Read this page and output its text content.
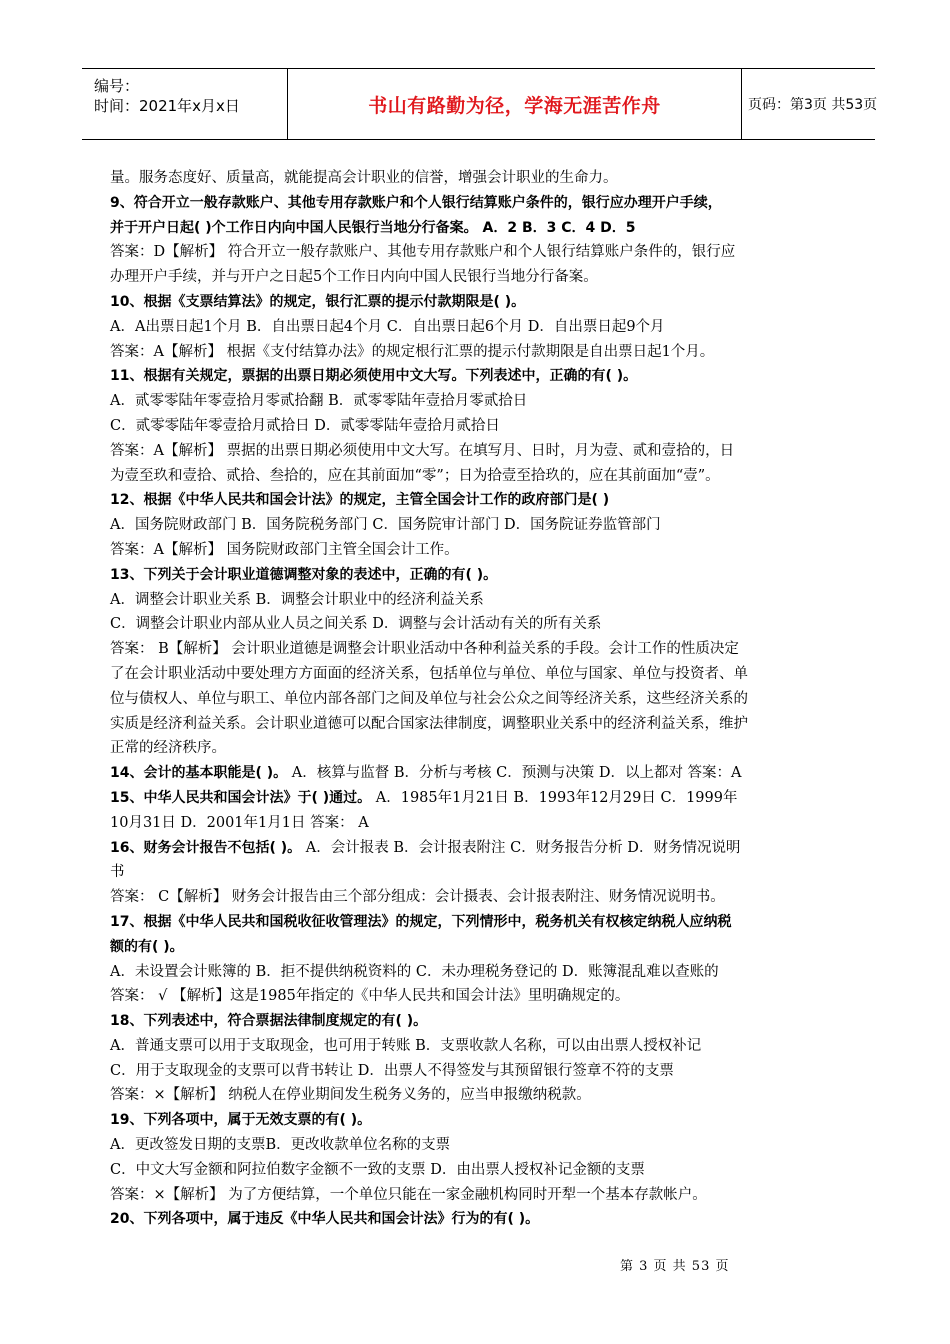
编号：
时间：2021年x月x日	书山有路勤为径，学海无涯苦作舟	页码：第3页 共53页
量。服务态度好、质量高，就能提高会计职业的信誉，增强会计职业的生命力。
9、符合开立一般存款账户、其他专用存款账户和个人银行结算账户条件的，银行应办理开户手续，
并于开户日起( )个工作日内向中国人民银行当地分行备案。 A．2 B．3 C．4 D．5
答案：D【解析】 符合开立一般存款账户、其他专用存款账户和个人银行结算账户条件的，银行应
办理开户手续，并与开户之日起5个工作日内向中国人民银行当地分行备案。
10、根据《支票结算法》的规定，银行汇票的提示付款期限是( )。
A．A出票日起1个月 B．自出票日起4个月 C．自出票日起6个月 D．自出票日起9个月
答案：A【解析】 根据《支付结算办法》的规定根行汇票的提示付款期限是自出票日起1个月。
11、根据有关规定，票据的出票日期必须使用中文大写。下列表述中，正确的有( )。
A．贰零零陆年零壹拾月零贰拾翻 B．贰零零陆年壹拾月零贰拾日
C．贰零零陆年零壹拾月贰拾日 D．贰零零陆年壹拾月贰拾日
答案：A【解析】 票据的出票日期必须使用中文大写。在填写月、日时，月为壹、贰和壹拾的，日
为壹至玖和壹拾、贰拾、叁拾的，应在其前面加“零”；日为拾壹至拾玖的，应在其前面加“壹”。
12、根据《中华人民共和国会计法》的规定，主管全国会计工作的政府部门是( )
A．国务院财政部门 B．国务院税务部门 C．国务院审计部门 D．国务院证券监管部门
答案：A【解析】 国务院财政部门主管全国会计工作。
13、下列关于会计职业道德调整对象的表述中，正确的有( )。
A．调整会计职业关系 B．调整会计职业中的经济利益关系
C．调整会计职业内部从业人员之间关系 D．调整与会计活动有关的所有关系
答案： B【解析】 会计职业道德是调整会计职业活动中各种利益关系的手段。会计工作的性质决定
了在会计职业活动中要处理方方面面的经济关系，包括单位与单位、单位与国家、单位与投资者、单
位与债权人、单位与职工、单位内部各部门之间及单位与社会公众之间等经济关系，这些经济关系的
实质是经济利益关系。会计职业道德可以配合国家法律制度，调整职业关系中的经济利益关系，维护
正常的经济秩序。
14、会计的基本职能是( )。 A．核算与监督 B．分析与考核 C．预测与决策 D．以上都对 答案：A
15、中华人民共和国会计法》于( )通过。 A．1985年1月21日 B．1993年12月29日 C．1999年
10月31日 D．2001年1月1日 答案： A
16、财务会计报告不包括( )。 A．会计报表 B．会计报表附注 C．财务报告分析 D．财务情况说明
书
答案： C【解析】 财务会计报告由三个部分组成：会计摄表、会计报表附注、财务情况说明书。
17、根据《中华人民共和国税收征收管理法》的规定，下列情形中，税务机关有权核定纳税人应纳税
额的有( )。
A．未设置会计账簿的 B．拒不提供纳税资料的 C．未办理税务登记的 D．账簿混乱难以查账的
答案： √ 【解析】这是1985年指定的《中华人民共和国会计法》里明确规定的。
18、下列表述中，符合票据法律制度规定的有( )。
A．普通支票可以用于支取现金，也可用于转账 B．支票收款人名称，可以由出票人授权补记
C．用于支取现金的支票可以背书转让 D．出票人不得签发与其预留银行签章不符的支票
答案：×【解析】 纳税人在停业期间发生税务义务的，应当申报缴纳税款。
19、下列各项中，属于无效支票的有( )。
A．更改签发日期的支票B．更改收款单位名称的支票
C．中文大写金额和阿拉伯数字金额不一致的支票 D．由出票人授权补记金额的支票
答案：×【解析】 为了方便结算，一个单位只能在一家金融机构同时开犁一个基本存款帐户。
20、下列各项中，属于违反《中华人民共和国会计法》行为的有( )。
第 3 页 共 53 页
